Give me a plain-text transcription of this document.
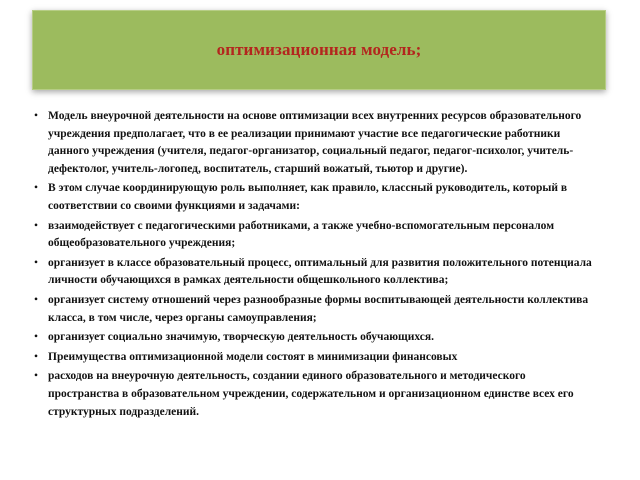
оптимизационная модель;
• Модель внеурочной деятельности на основе оптимизации всех внутренних ресурсов образовательного учреждения предполагает, что в ее реализации принимают участие все педагогические работники данного учреждения (учителя, педагог-организатор, социальный педагог, педагог-психолог, учитель-дефектолог, учитель-логопед, воспитатель, старший вожатый, тьютор и другие).
• В этом случае координирующую роль выполняет, как правило, классный руководитель, который в соответствии со своими функциями и задачами:
• взаимодействует с педагогическими работниками, а также учебно-вспомогательным персоналом общеобразовательного учреждения;
• организует в классе образовательный процесс, оптимальный для развития положительного потенциала личности обучающихся в рамках деятельности общешкольного коллектива;
• организует систему отношений через разнообразные формы воспитывающей деятельности коллектива класса, в том числе, через органы самоуправления;
• организует социально значимую, творческую деятельность обучающихся.
• Преимущества оптимизационной модели состоят в минимизации финансовых
• расходов на внеурочную деятельность, создании единого образовательного и методического пространства в образовательном учреждении, содержательном и организационном единстве всех его структурных подразделений.
